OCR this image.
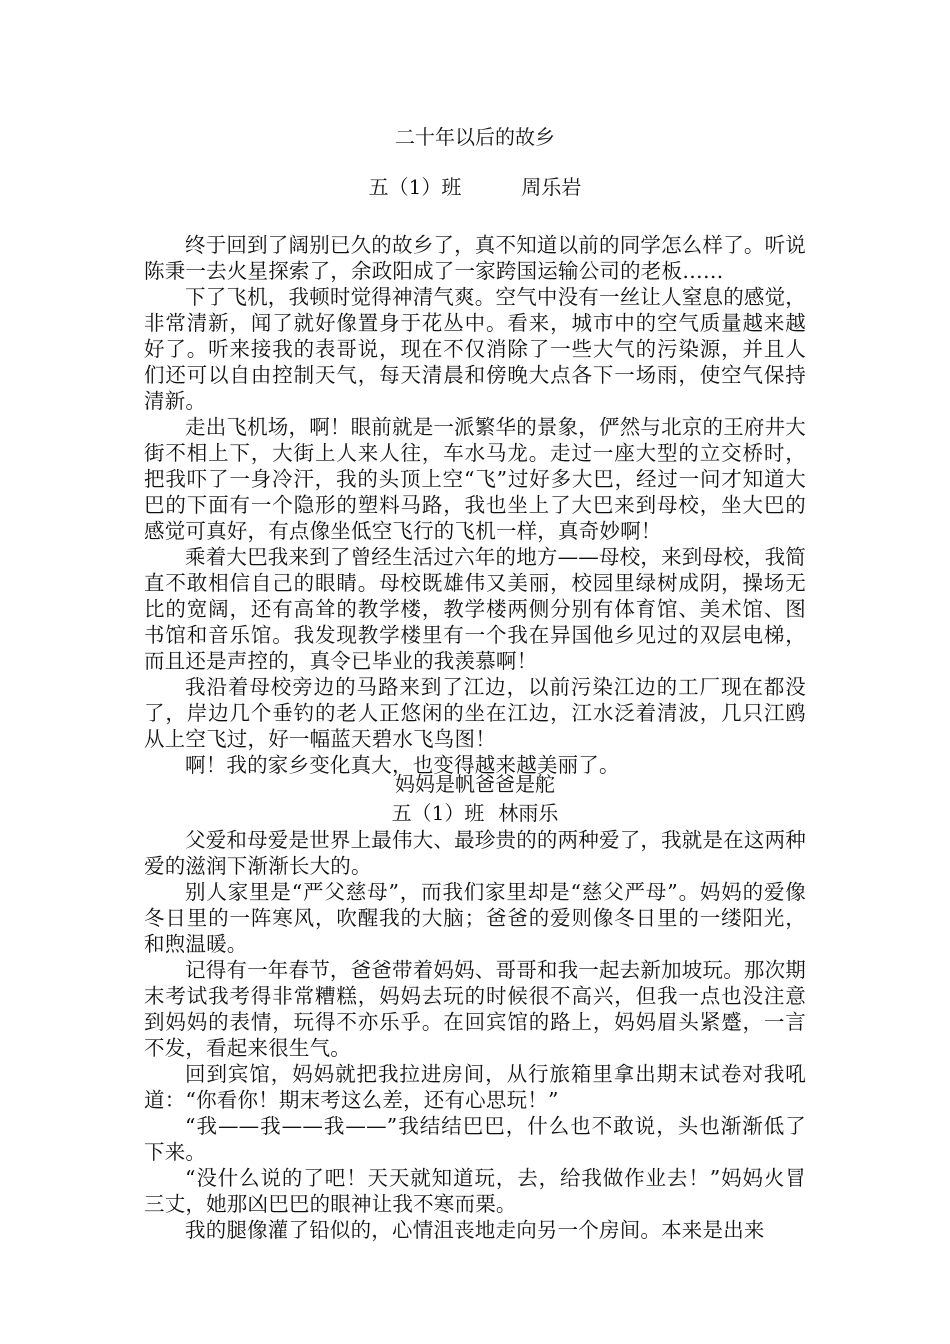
二十年以后的故乡
五（1）班	周乐岩

终于回到了阔别已久的故乡了，真不知道以前的同学怎么样了。听说陈秉一去火星探索了，余政阳成了一家跨国运输公司的老板……

下了飞机，我顿时觉得神清气爽。空气中没有一丝让人窒息的感觉，非常清新，闻了就好像置身于花丛中。看来，城市中的空气质量越来越好了。听来接我的表哥说，现在不仅消除了一些大气的污染源，并且人们还可以自由控制天气，每天清晨和傍晚大点各下一场雨，使空气保持清新。

走出飞机场，啊！眼前就是一派繁华的景象，俨然与北京的王府井大街不相上下，大街上人来人往，车水马龙。走过一座大型的立交桥时，把我吓了一身冷汗，我的头顶上空“飞”过好多大巴，经过一问才知道大巴的下面有一个隐形的塑料马路，我也坐上了大巴来到母校，坐大巴的感觉可真好，有点像坐低空飞行的飞机一样，真奇妙啊！

乘着大巴我来到了曾经生活过六年的地方——母校，来到母校，我简直不敢相信自己的眼睛。母校既雄伟又美丽，校园里绿树成阴，操场无比的宽阔，还有高耸的教学楼，教学楼两侧分别有体育馆、美术馆、图书馆和音乐馆。我发现教学楼里有一个我在异国他乡见过的双层电梯，而且还是声控的，真令已毕业的我羡慕啊！

我沿着母校旁边的马路来到了江边，以前污染江边的工厂现在都没了，岸边几个垂钓的老人正悠闲的坐在江边，江水泛着清波，几只江鸥从上空飞过，好一幅蓝天碧水飞鸟图！

啊！我的家乡变化真大，也变得越来越美丽了。

妈妈是帆爸爸是舵
五（1）班 林雨乐

父爱和母爱是世界上最伟大、最珍贵的的两种爱了，我就是在这两种爱的滋润下渐渐长大的。

别人家里是“严父慈母”，而我们家里却是“慈父严母”。妈妈的爱像冬日里的一阵寒风，吹醒我的大脑；爸爸的爱则像冬日里的一缕阳光，和煦温暖。

记得有一年春节，爸爸带着妈妈、哥哥和我一起去新加坡玩。那次期末考试我考得非常糟糕，妈妈去玩的时候很不高兴，但我一点也没注意到妈妈的表情，玩得不亦乐乎。在回宾馆的路上，妈妈眉头紧蹙，一言不发，看起来很生气。

回到宾馆，妈妈就把我拉进房间，从行旅箱里拿出期末试卷对我吼道：“你看你！期末考这么差，还有心思玩！”

“我——我——我——”我结结巴巴，什么也不敢说，头也渐渐低了下来。

“没什么说的了吧！天天就知道玩，去，给我做作业去！”妈妈火冒三丈，她那凶巴巴的眼神让我不寒而栗。

我的腿像灌了铅似的，心情沮丧地走向另一个房间。本来是出来
